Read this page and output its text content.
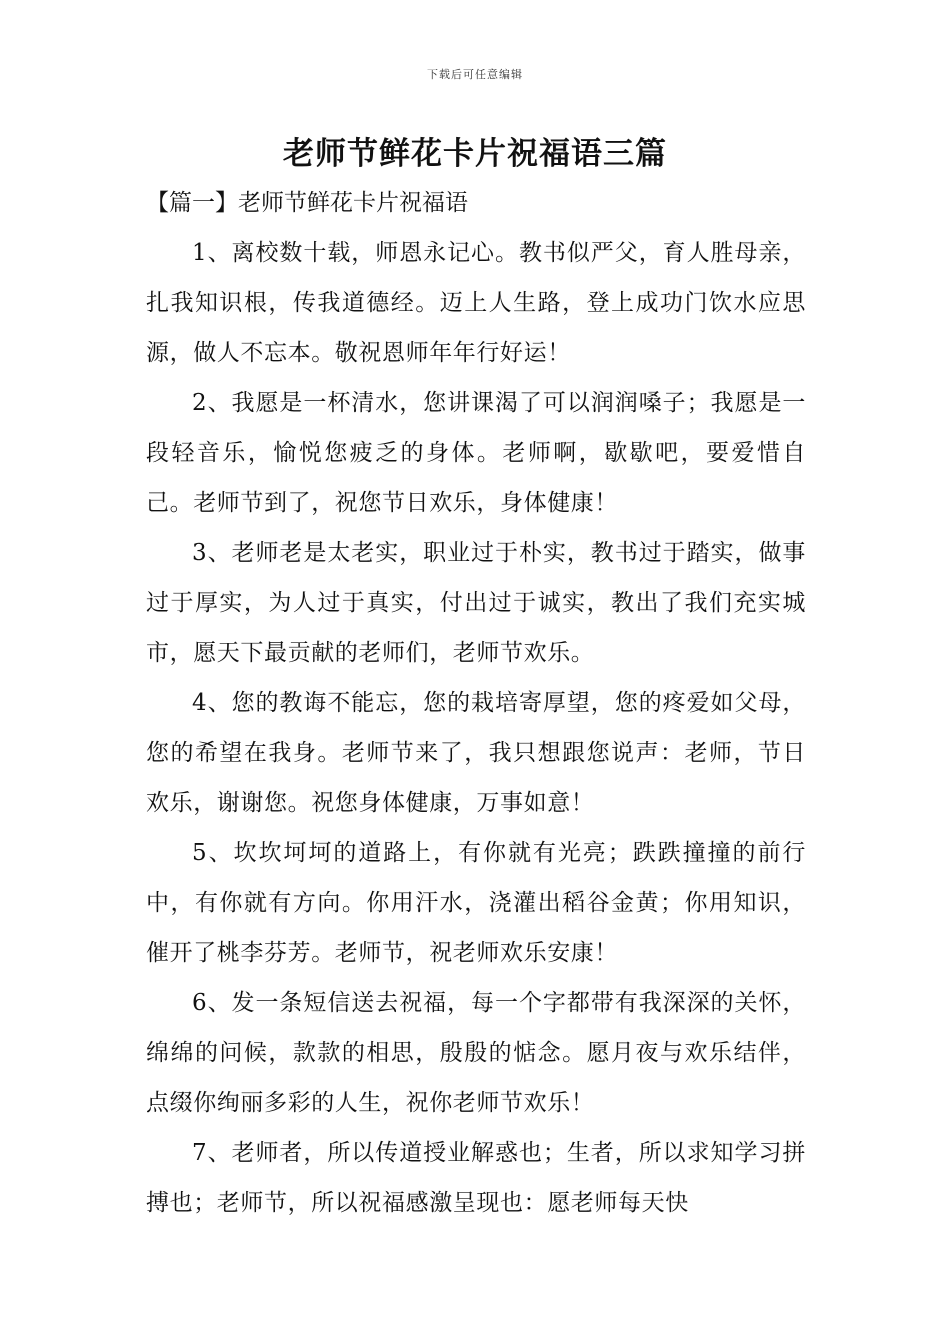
下载后可任意编辑
老师节鲜花卡片祝福语三篇
【篇一】老师节鲜花卡片祝福语

1、离校数十载，师恩永记心。教书似严父，育人胜母亲，扎我知识根，传我道德经。迈上人生路，登上成功门饮水应思源，做人不忘本。敬祝恩师年年行好运！

2、我愿是一杯清水，您讲课渴了可以润润嗓子；我愿是一段轻音乐，愉悦您疲乏的身体。老师啊，歇歇吧，要爱惜自己。老师节到了，祝您节日欢乐，身体健康！

3、老师老是太老实，职业过于朴实，教书过于踏实，做事过于厚实，为人过于真实，付出过于诚实，教出了我们充实城市，愿天下最贡献的老师们，老师节欢乐。

4、您的教诲不能忘，您的栽培寄厚望，您的疼爱如父母，您的希望在我身。老师节来了，我只想跟您说声：老师，节日欢乐，谢谢您。祝您身体健康，万事如意！

5、坎坎坷坷的道路上，有你就有光亮；跌跌撞撞的前行中，有你就有方向。你用汗水，浇灌出稻谷金黄；你用知识，催开了桃李芬芳。老师节，祝老师欢乐安康！

6、发一条短信送去祝福，每一个字都带有我深深的关怀，绵绵的问候，款款的相思，殷殷的惦念。愿月夜与欢乐结伴，点缀你绚丽多彩的人生，祝你老师节欢乐！

7、老师者，所以传道授业解惑也；生者，所以求知学习拼搏也；老师节，所以祝福感激呈现也：愿老师每天快
